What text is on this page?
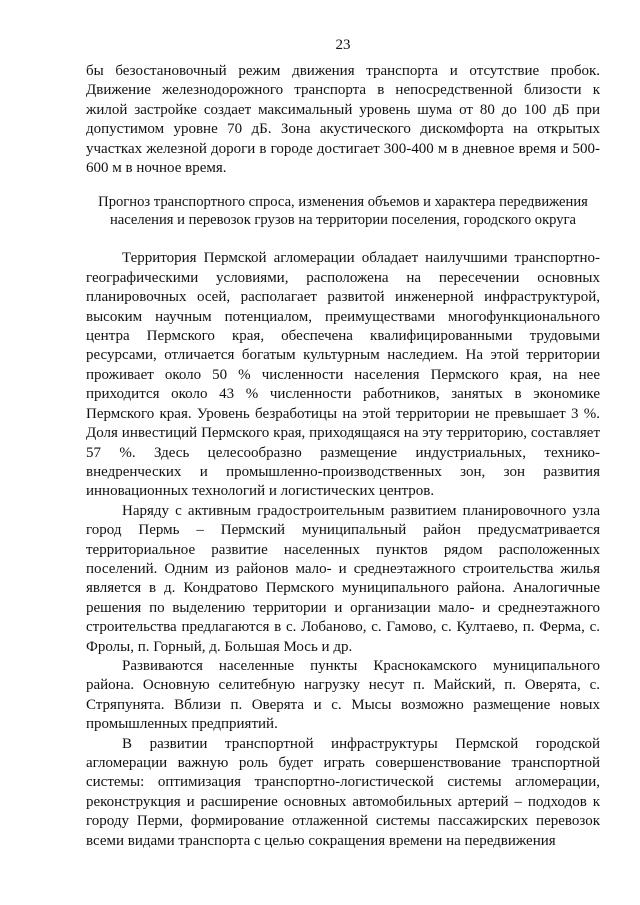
23

бы безостановочный режим движения транспорта и отсутствие пробок. Движение железнодорожного транспорта в непосредственной близости к жилой застройке создает максимальный уровень шума от 80 до 100 дБ при допустимом уровне 70 дБ. Зона акустического дискомфорта на открытых участках железной дороги в городе достигает 300-400 м в дневное время и 500-600 м в ночное время.

Прогноз транспортного спроса, изменения объемов и характера передвижения
населения и перевозок грузов на территории поселения, городского округа

Территория Пермской агломерации обладает наилучшими транспортно-географическими условиями, расположена на пересечении основных планировочных осей, располагает развитой инженерной инфраструктурой, высоким научным потенциалом, преимуществами многофункционального центра Пермского края, обеспечена квалифицированными трудовыми ресурсами, отличается богатым культурным наследием. На этой территории проживает около 50 % численности населения Пермского края, на нее приходится около 43 % численности работников, занятых в экономике Пермского края. Уровень безработицы на этой территории не превышает 3 %. Доля инвестиций Пермского края, приходящаяся на эту территорию, составляет 57 %. Здесь целесообразно размещение индустриальных, технико-внедренческих и промышленно-производственных зон, зон развития инновационных технологий и логистических центров.

Наряду с активным градостроительным развитием планировочного узла город Пермь – Пермский муниципальный район предусматривается территориальное развитие населенных пунктов рядом расположенных поселений. Одним из районов мало- и среднеэтажного строительства жилья является в д. Кондратово Пермского муниципального района. Аналогичные решения по выделению территории и организации мало- и среднеэтажного строительства предлагаются в с. Лобаново, с. Гамово, с. Култаево, п. Ферма, с. Фролы, п. Горный, д. Большая Мось и др.

Развиваются населенные пункты Краснокамского муниципального района. Основную селитебную нагрузку несут п. Майский, п. Оверята, с. Стряпунята. Вблизи п. Оверята и с. Мысы возможно размещение новых промышленных предприятий.

В развитии транспортной инфраструктуры Пермской городской агломерации важную роль будет играть совершенствование транспортной системы: оптимизация транспортно-логистической системы агломерации, реконструкция и расширение основных автомобильных артерий – подходов к городу Перми, формирование отлаженной системы пассажирских перевозок всеми видами транспорта с целью сокращения времени на передвижения
